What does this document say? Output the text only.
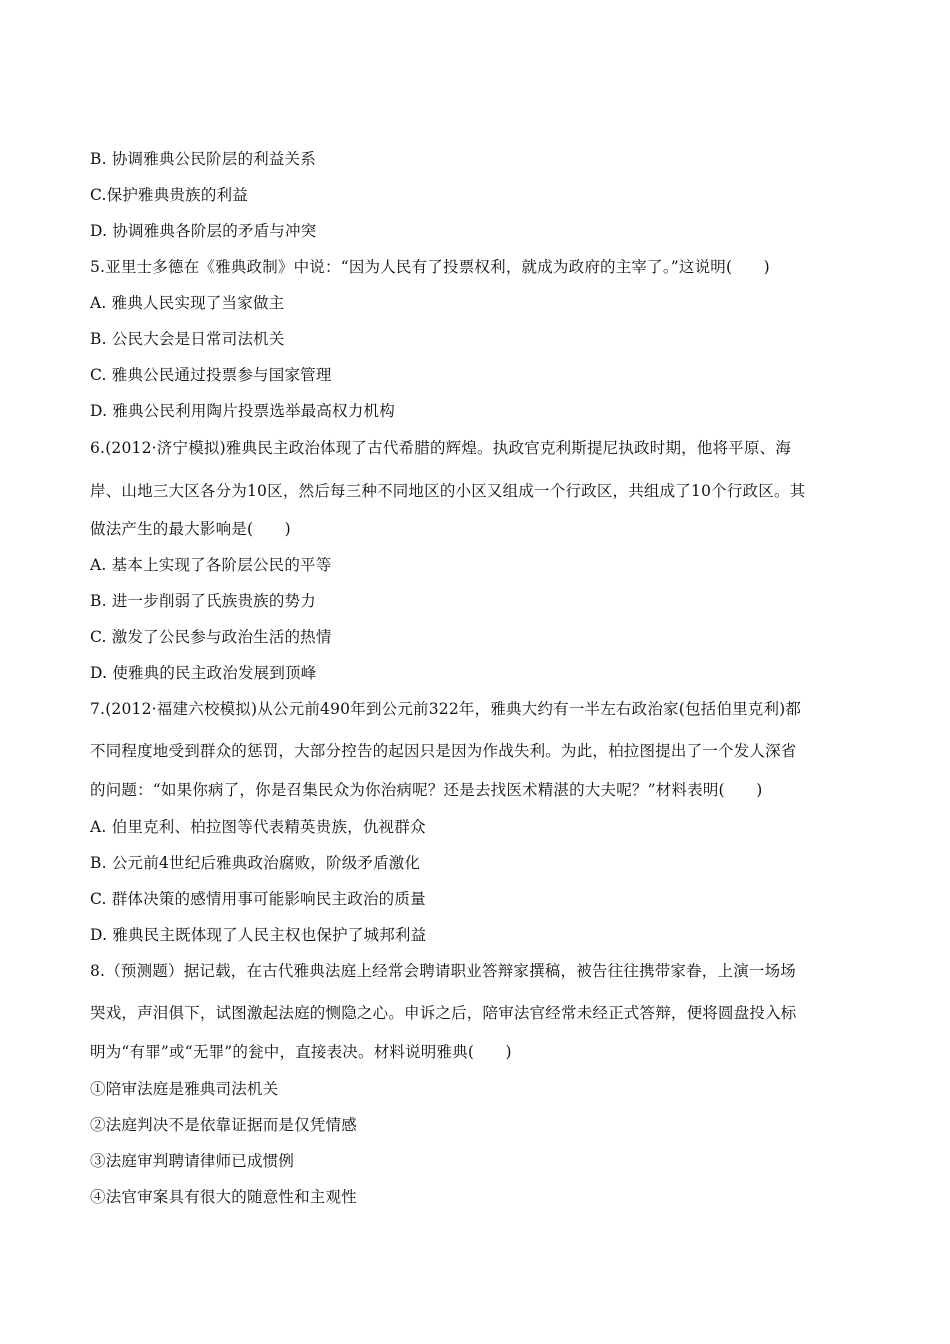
B. 协调雅典公民阶层的利益关系
C.保护雅典贵族的利益
D. 协调雅典各阶层的矛盾与冲突
5.亚里士多德在《雅典政制》中说：“因为人民有了投票权利，就成为政府的主宰了。”这说明(　　)
A. 雅典人民实现了当家做主
B. 公民大会是日常司法机关
C. 雅典公民通过投票参与国家管理
D. 雅典公民利用陶片投票选举最高权力机构
6.(2012·济宁模拟)雅典民主政治体现了古代希腊的辉煌。执政官克利斯提尼执政时期，他将平原、海
岸、山地三大区各分为10区，然后每三种不同地区的小区又组成一个行政区，共组成了10个行政区。其
做法产生的最大影响是(　　)
A. 基本上实现了各阶层公民的平等
B. 进一步削弱了氏族贵族的势力
C. 激发了公民参与政治生活的热情
D. 使雅典的民主政治发展到顶峰
7.(2012·福建六校模拟)从公元前490年到公元前322年，雅典大约有一半左右政治家(包括伯里克利)都
不同程度地受到群众的惩罚，大部分控告的起因只是因为作战失利。为此，柏拉图提出了一个发人深省
的问题：“如果你病了，你是召集民众为你治病呢？还是去找医术精湛的大夫呢？”材料表明(　　)
A. 伯里克利、柏拉图等代表精英贵族，仇视群众
B. 公元前4世纪后雅典政治腐败，阶级矛盾激化
C. 群体决策的感情用事可能影响民主政治的质量
D. 雅典民主既体现了人民主权也保护了城邦利益
8.（预测题）据记载，在古代雅典法庭上经常会聘请职业答辩家撰稿，被告往往携带家眷，上演一场场
哭戏，声泪俱下，试图激起法庭的恻隐之心。申诉之后，陪审法官经常未经正式答辩，便将圆盘投入标
明为“有罪”或“无罪”的瓮中，直接表决。材料说明雅典(　　)
①陪审法庭是雅典司法机关
②法庭判决不是依靠证据而是仅凭情感
③法庭审判聘请律师已成惯例
④法官审案具有很大的随意性和主观性
